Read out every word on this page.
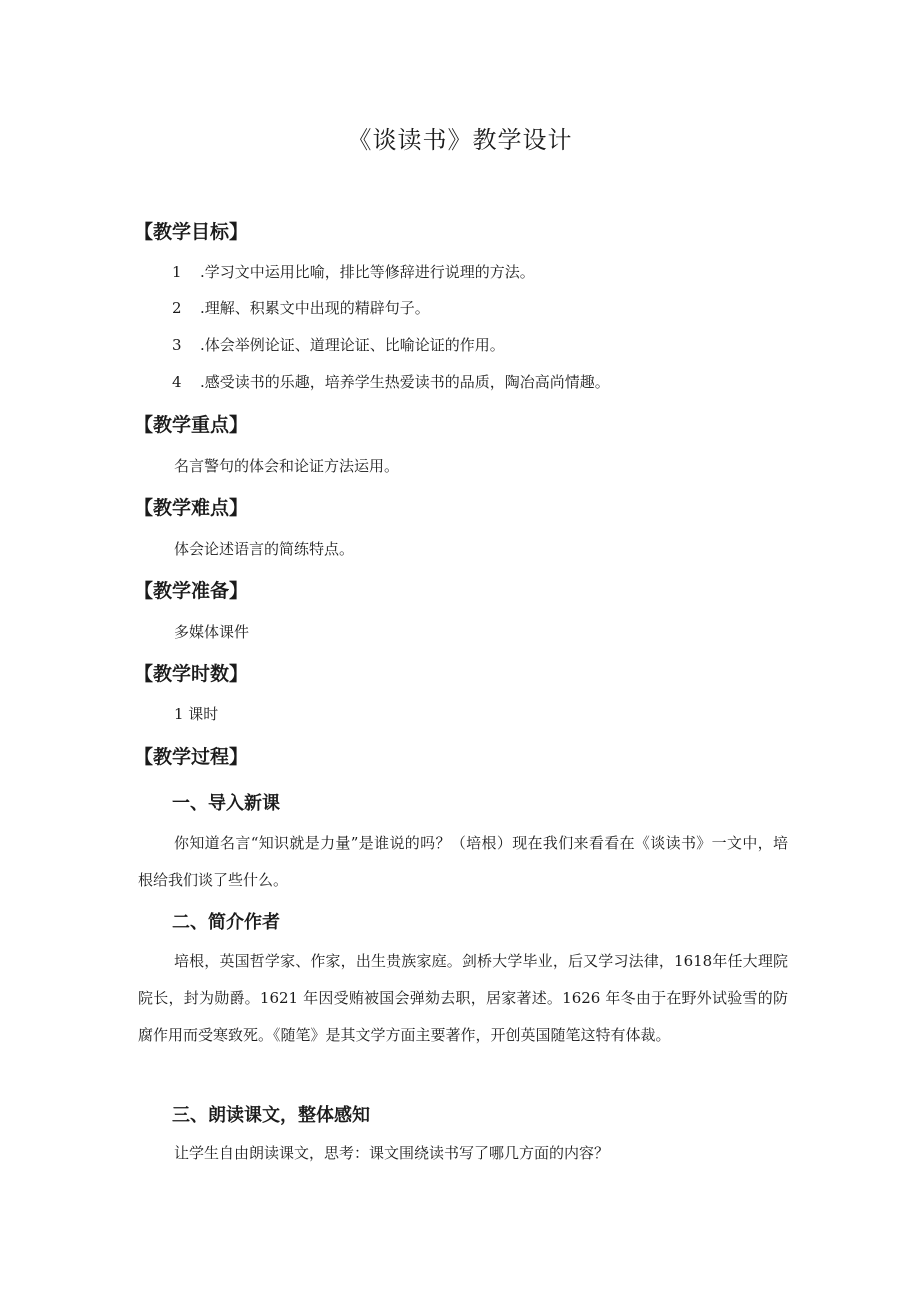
《谈读书》教学设计
【教学目标】
1 .学习文中运用比喻，排比等修辞进行说理的方法。
2 .理解、积累文中出现的精辟句子。
3 .体会举例论证、道理论证、比喻论证的作用。
4 .感受读书的乐趣，培养学生热爱读书的品质，陶冶高尚情趣。
【教学重点】
名言警句的体会和论证方法运用。
【教学难点】
体会论述语言的简练特点。
【教学准备】
多媒体课件
【教学时数】
1 课时
【教学过程】
一、导入新课
你知道名言“知识就是力量”是谁说的吗？（培根）现在我们来看看在《谈读书》一文中，培根给我们谈了些什么。
二、简介作者
培根，英国哲学家、作家，出生贵族家庭。剑桥大学毕业，后又学习法律，1618年任大理院院长，封为勋爵。1621 年因受贿被国会弹劾去职，居家著述。1626 年冬由于在野外试验雪的防腐作用而受寒致死。《随笔》是其文学方面主要著作，开创英国随笔这特有体裁。
三、朗读课文，整体感知
让学生自由朗读课文，思考：课文围绕读书写了哪几方面的内容？
